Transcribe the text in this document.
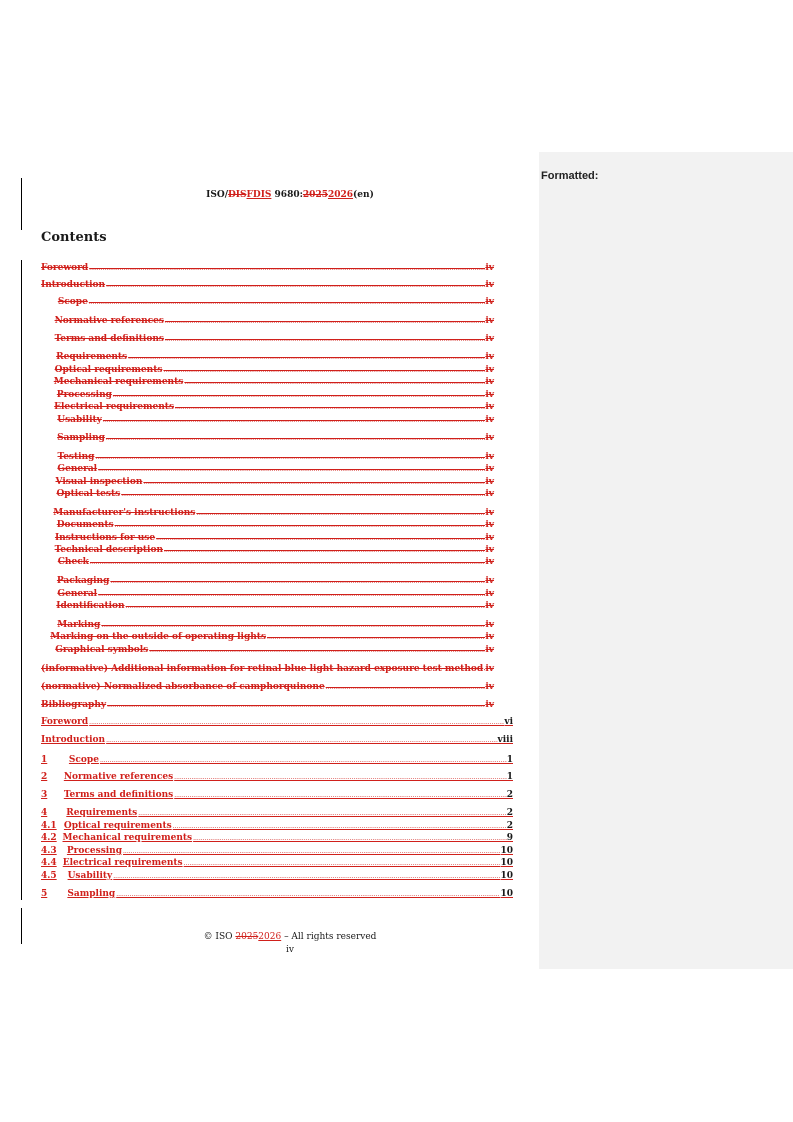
Formatted:
ISO/DISFDIS 9680:20252026(en)
Contents
Foreword .....	iv
Introduction .....	iv
Scope .....	iv
Normative references .....	iv
Terms and definitions .....	iv
Requirements .....	iv
Optical requirements .....	iv
Mechanical requirements .....	iv
Processing .....	iv
Electrical requirements .....	iv
Usability .....	iv
Sampling .....	iv
Testing .....	iv
General .....	iv
Visual inspection .....	iv
Optical tests .....	iv
Manufacturer's instructions .....	iv
Documents .....	iv
Instructions for use .....	iv
Technical description .....	iv
Check .....	iv
Packaging .....	iv
General .....	iv
Identification .....	iv
Marking .....	iv
Marking on the outside of operating lights .....	iv
Graphical symbols .....	iv
(informative) Additional information for retinal blue light hazard exposure test method ..... iv
(normative) Normalized absorbance of camphorquinone .....	iv
Bibliography .....	iv
Foreword .....	vi
Introduction .....	viii
1	Scope .....	1
2	Normative references .....	1
3	Terms and definitions .....	2
4	Requirements .....	2
4.1 Optical requirements .....	2
4.2 Mechanical requirements .....	9
4.3	Processing .....	10
4.4 Electrical requirements .....	10
4.5	Usability .....	10
5	Sampling .....	10
© ISO 20252026 – All rights reserved
iv
